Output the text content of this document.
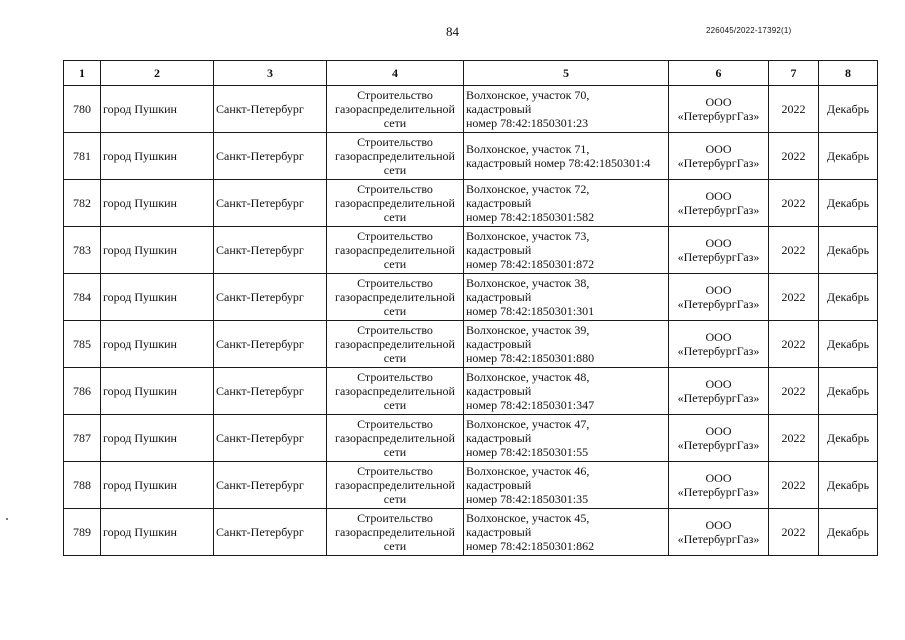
84	226045/2022-17392(1)
1	2	3	4	5	6	7	8
780	город Пушкин	Санкт-Петербург	Строительство газораспределительной сети	Волхонское, участок 70,
кадастровый
номер 78:42:1850301:23	ООО
«ПетербургГаз»	2022	Декабрь
781	город Пушкин	Санкт-Петербург	Строительство газораспределительной сети	Волхонское, участок 71,
кадастровый номер 78:42:1850301:4	ООО
«ПетербургГаз»	2022	Декабрь
782	город Пушкин	Санкт-Петербург	Строительство газораспределительной сети	Волхонское, участок 72,
кадастровый
номер 78:42:1850301:582	ООО
«ПетербургГаз»	2022	Декабрь
783	город Пушкин	Санкт-Петербург	Строительство газораспределительной сети	Волхонское, участок 73,
кадастровый
номер 78:42:1850301:872	ООО
«ПетербургГаз»	2022	Декабрь
784	город Пушкин	Санкт-Петербург	Строительство газораспределительной сети	Волхонское, участок 38,
кадастровый
номер 78:42:1850301:301	ООО
«ПетербургГаз»	2022	Декабрь
785	город Пушкин	Санкт-Петербург	Строительство газораспределительной сети	Волхонское, участок 39,
кадастровый
номер 78:42:1850301:880	ООО
«ПетербургГаз»	2022	Декабрь
786	город Пушкин	Санкт-Петербург	Строительство газораспределительной сети	Волхонское, участок 48,
кадастровый
номер 78:42:1850301:347	ООО
«ПетербургГаз»	2022	Декабрь
787	город Пушкин	Санкт-Петербург	Строительство газораспределительной сети	Волхонское, участок 47,
кадастровый
номер 78:42:1850301:55	ООО
«ПетербургГаз»	2022	Декабрь
788	город Пушкин	Санкт-Петербург	Строительство газораспределительной сети	Волхонское, участок 46,
кадастровый
номер 78:42:1850301:35	ООО
«ПетербургГаз»	2022	Декабрь
789	город Пушкин	Санкт-Петербург	Строительство газораспределительной сети	Волхонское, участок 45,
кадастровый
номер 78:42:1850301:862	ООО
«ПетербургГаз»	2022	Декабрь
